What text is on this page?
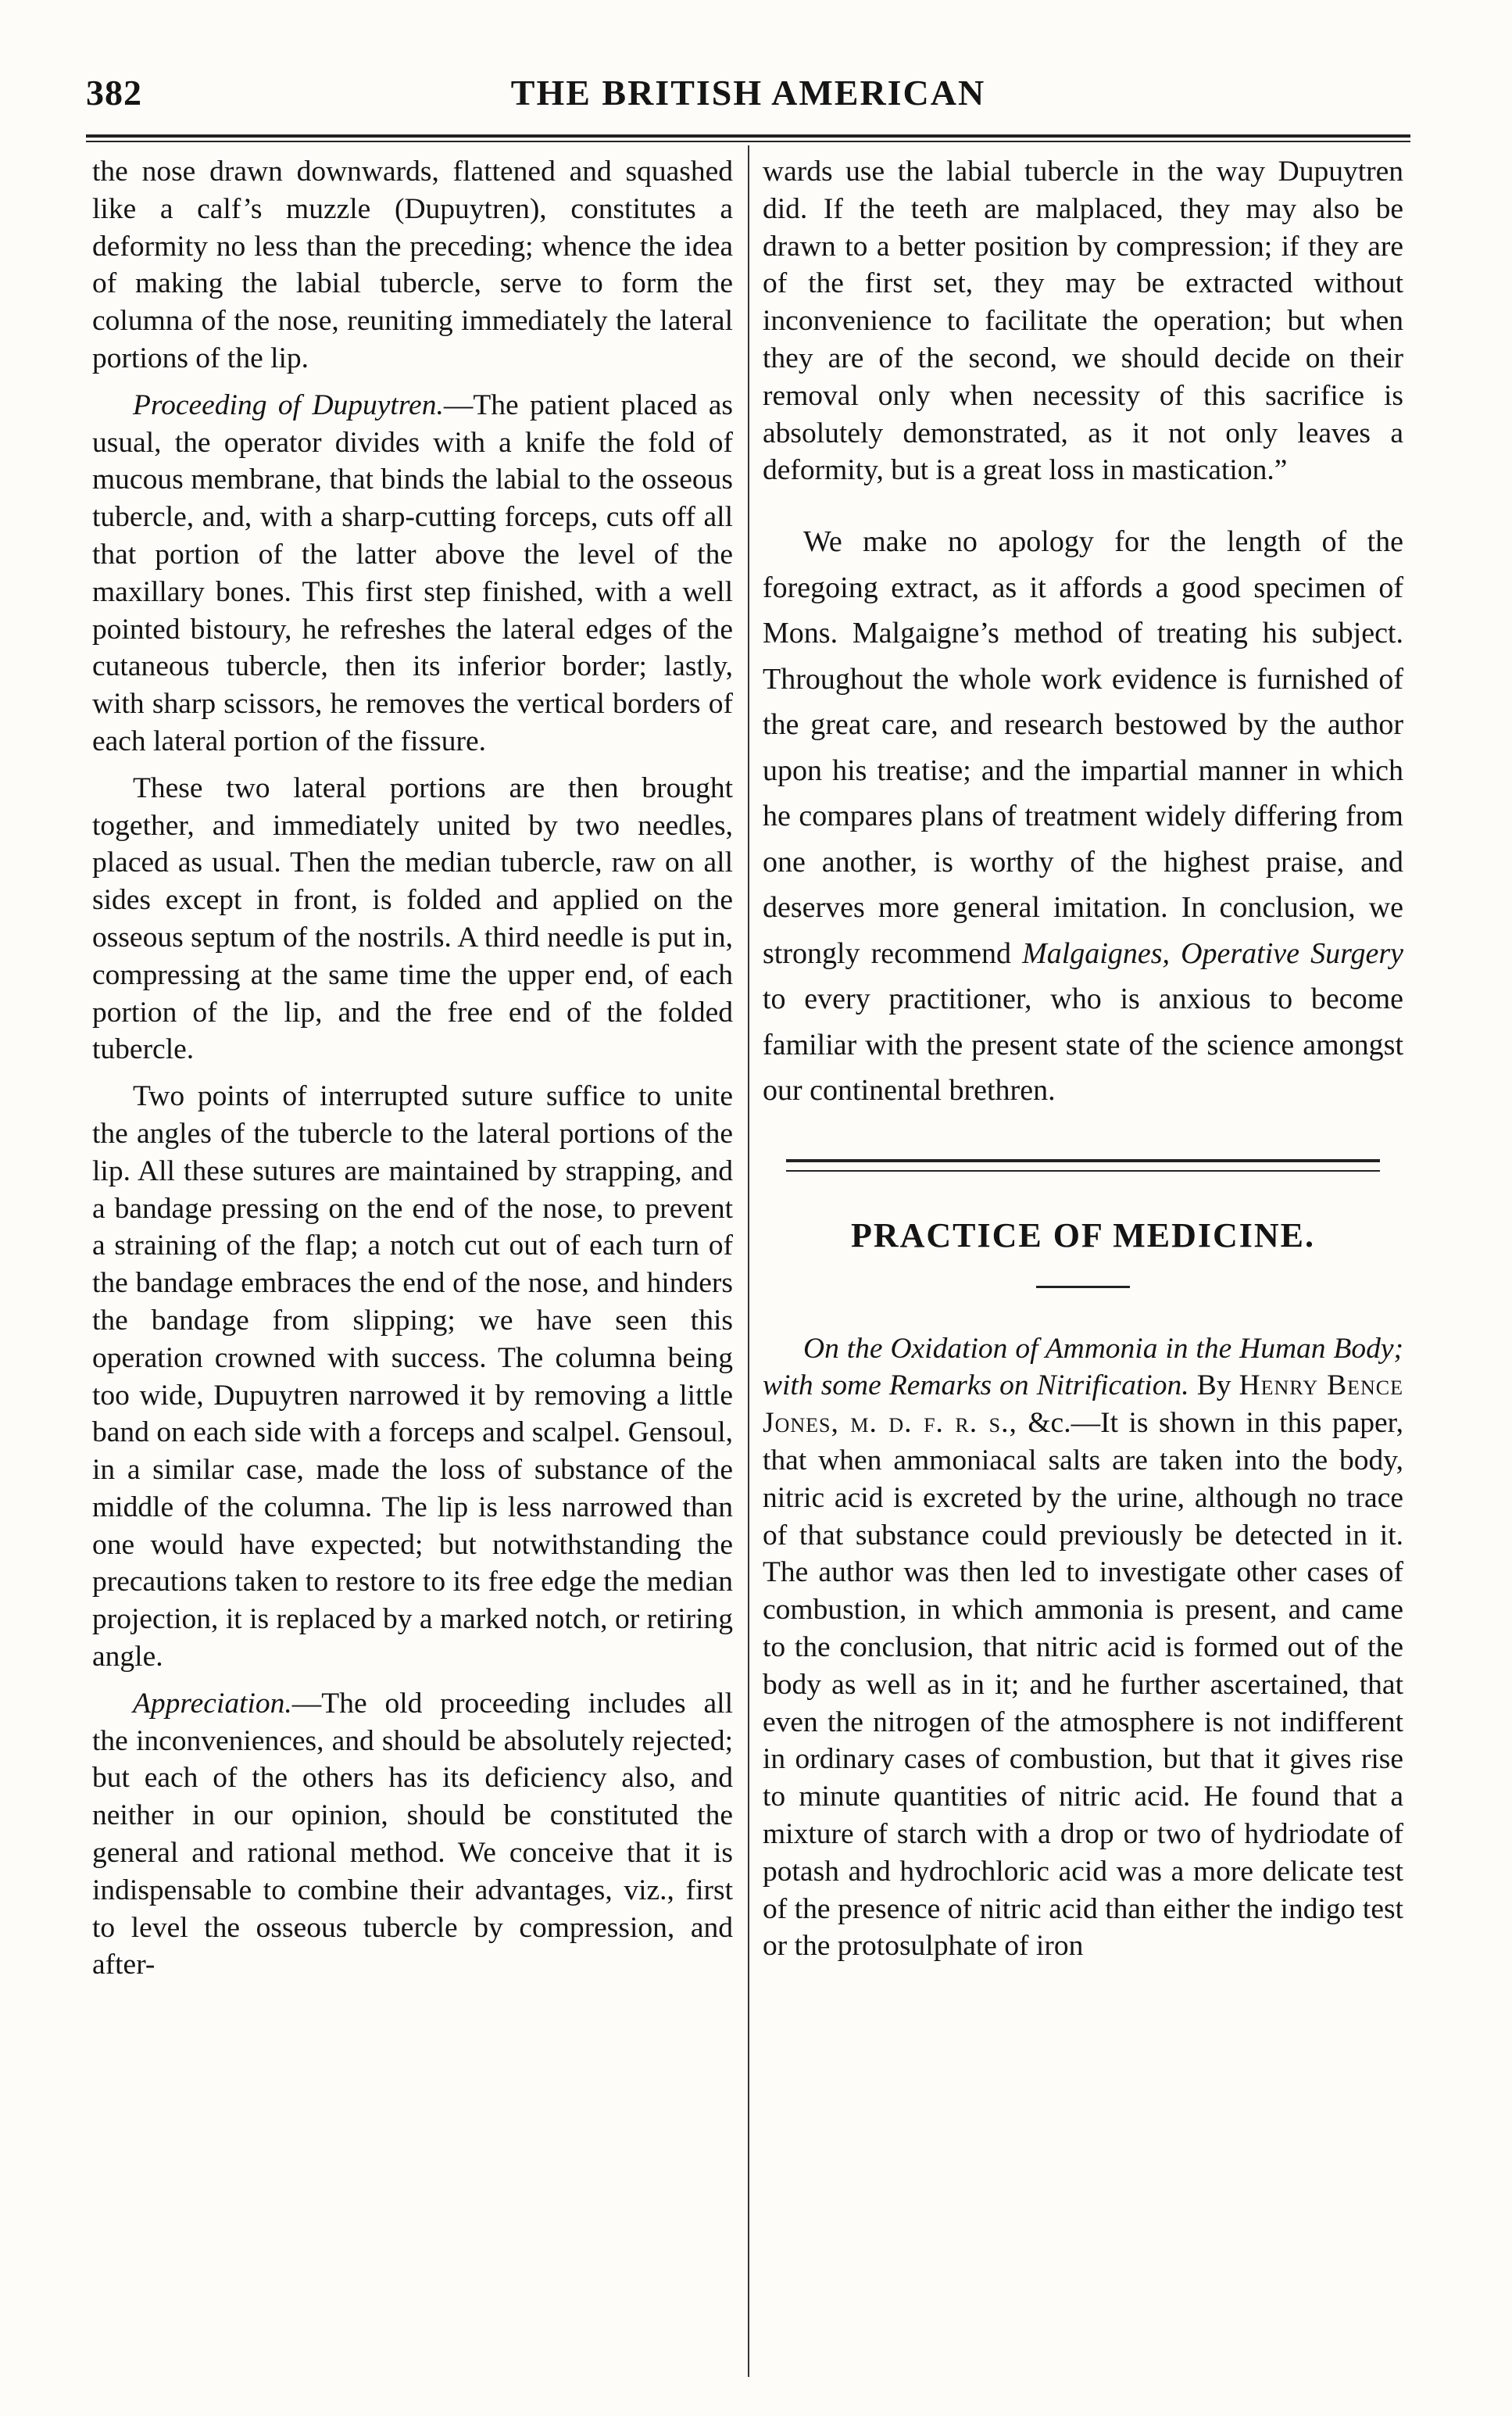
382	THE BRITISH AMERICAN

the nose drawn downwards, flattened and squashed like a calf’s muzzle (Dupuytren), constitutes a deformity no less than the preceding; whence the idea of making the labial tubercle, serve to form the columna of the nose, reuniting immediately the lateral portions of the lip.

Proceeding of Dupuytren.—The patient placed as usual, the operator divides with a knife the fold of mucous membrane, that binds the labial to the osseous tubercle, and, with a sharp-cutting forceps, cuts off all that portion of the latter above the level of the maxillary bones. This first step finished, with a well pointed bistoury, he refreshes the lateral edges of the cutaneous tubercle, then its inferior border; lastly, with sharp scissors, he removes the vertical borders of each lateral portion of the fissure.

These two lateral portions are then brought together, and immediately united by two needles, placed as usual. Then the median tubercle, raw on all sides except in front, is folded and applied on the osseous septum of the nostrils. A third needle is put in, compressing at the same time the upper end, of each portion of the lip, and the free end of the folded tubercle.

Two points of interrupted suture suffice to unite the angles of the tubercle to the lateral portions of the lip. All these sutures are maintained by strapping, and a bandage pressing on the end of the nose, to prevent a straining of the flap; a notch cut out of each turn of the bandage embraces the end of the nose, and hinders the bandage from slipping; we have seen this operation crowned with success. The columna being too wide, Dupuytren narrowed it by removing a little band on each side with a forceps and scalpel. Gensoul, in a similar case, made the loss of substance of the middle of the columna. The lip is less narrowed than one would have expected; but notwithstanding the precautions taken to restore to its free edge the median projection, it is replaced by a marked notch, or retiring angle.

Appreciation.—The old proceeding includes all the inconveniences, and should be absolutely rejected; but each of the others has its deficiency also, and neither in our opinion, should be constituted the general and rational method. We conceive that it is indispensable to combine their advantages, viz., first to level the osseous tubercle by compression, and after-

wards use the labial tubercle in the way Dupuytren did. If the teeth are malplaced, they may also be drawn to a better position by compression; if they are of the first set, they may be extracted without inconvenience to facilitate the operation; but when they are of the second, we should decide on their removal only when necessity of this sacrifice is absolutely demonstrated, as it not only leaves a deformity, but is a great loss in mastication.”

We make no apology for the length of the foregoing extract, as it affords a good specimen of Mons. Malgaigne’s method of treating his subject. Throughout the whole work evidence is furnished of the great care, and research bestowed by the author upon his treatise; and the impartial manner in which he compares plans of treatment widely differing from one another, is worthy of the highest praise, and deserves more general imitation. In conclusion, we strongly recommend Malgaignes, Operative Surgery to every practitioner, who is anxious to become familiar with the present state of the science amongst our continental brethren.

PRACTICE OF MEDICINE.

On the Oxidation of Ammonia in the Human Body; with some Remarks on Nitrification. By Henry Bence Jones, m. d. f. r. s., &c.—It is shown in this paper, that when ammoniacal salts are taken into the body, nitric acid is excreted by the urine, although no trace of that substance could previously be detected in it. The author was then led to investigate other cases of combustion, in which ammonia is present, and came to the conclusion, that nitric acid is formed out of the body as well as in it; and he further ascertained, that even the nitrogen of the atmosphere is not indifferent in ordinary cases of combustion, but that it gives rise to minute quantities of nitric acid. He found that a mixture of starch with a drop or two of hydriodate of potash and hydrochloric acid was a more delicate test of the presence of nitric acid than either the indigo test or the protosulphate of iron
